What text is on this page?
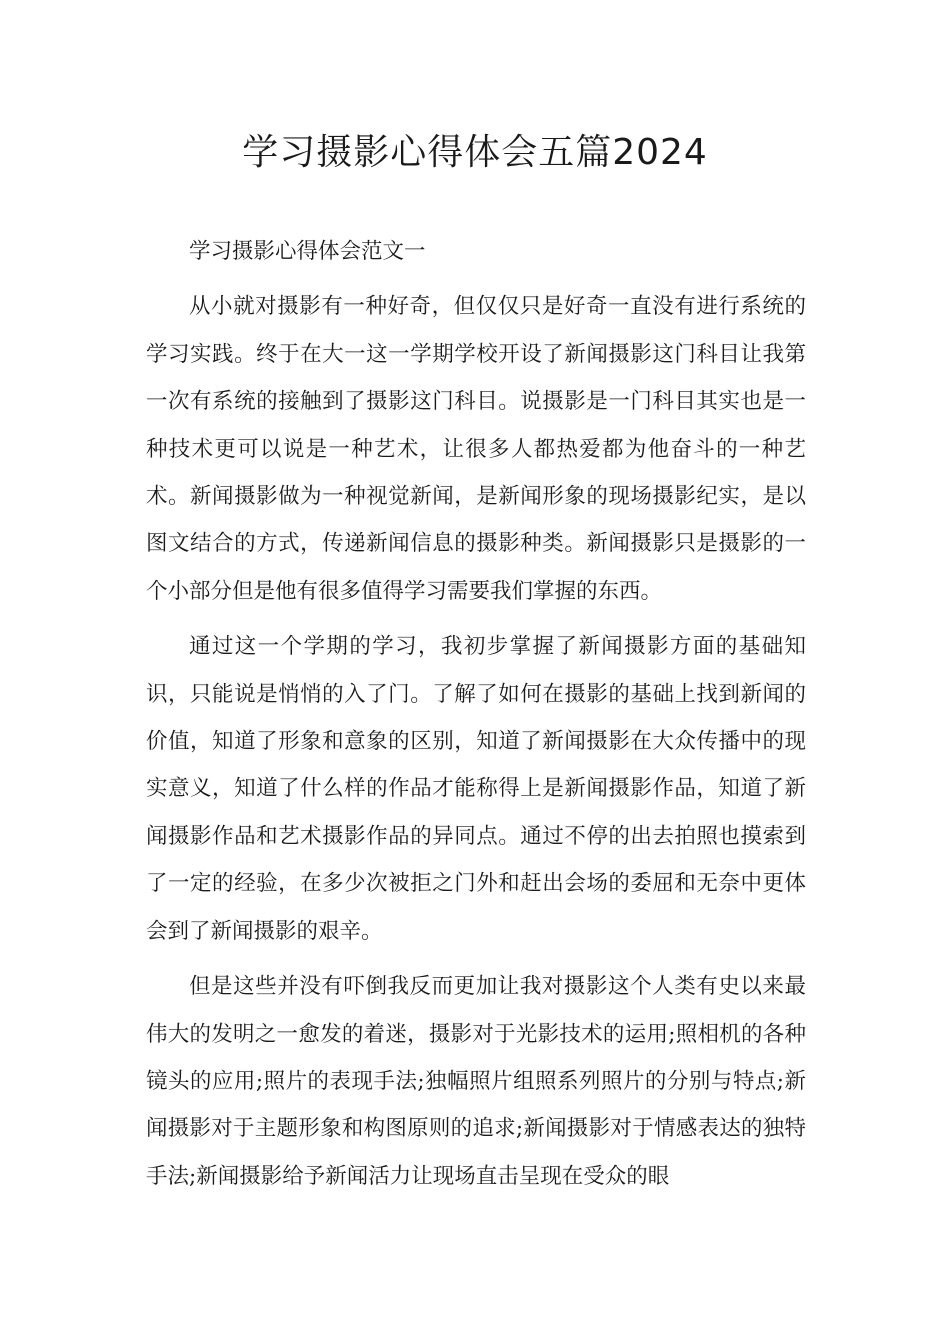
学习摄影心得体会五篇2024

学习摄影心得体会范文一

从小就对摄影有一种好奇，但仅仅只是好奇一直没有进行系统的学习实践。终于在大一这一学期学校开设了新闻摄影这门科目让我第一次有系统的接触到了摄影这门科目。说摄影是一门科目其实也是一种技术更可以说是一种艺术，让很多人都热爱都为他奋斗的一种艺术。新闻摄影做为一种视觉新闻，是新闻形象的现场摄影纪实，是以图文结合的方式，传递新闻信息的摄影种类。新闻摄影只是摄影的一个小部分但是他有很多值得学习需要我们掌握的东西。

通过这一个学期的学习，我初步掌握了新闻摄影方面的基础知识，只能说是悄悄的入了门。了解了如何在摄影的基础上找到新闻的价值，知道了形象和意象的区别，知道了新闻摄影在大众传播中的现实意义，知道了什么样的作品才能称得上是新闻摄影作品，知道了新闻摄影作品和艺术摄影作品的异同点。通过不停的出去拍照也摸索到了一定的经验，在多少次被拒之门外和赶出会场的委屈和无奈中更体会到了新闻摄影的艰辛。

但是这些并没有吓倒我反而更加让我对摄影这个人类有史以来最伟大的发明之一愈发的着迷，摄影对于光影技术的运用;照相机的各种镜头的应用;照片的表现手法;独幅照片组照系列照片的分别与特点;新闻摄影对于主题形象和构图原则的追求;新闻摄影对于情感表达的独特手法;新闻摄影给予新闻活力让现场直击呈现在受众的眼
